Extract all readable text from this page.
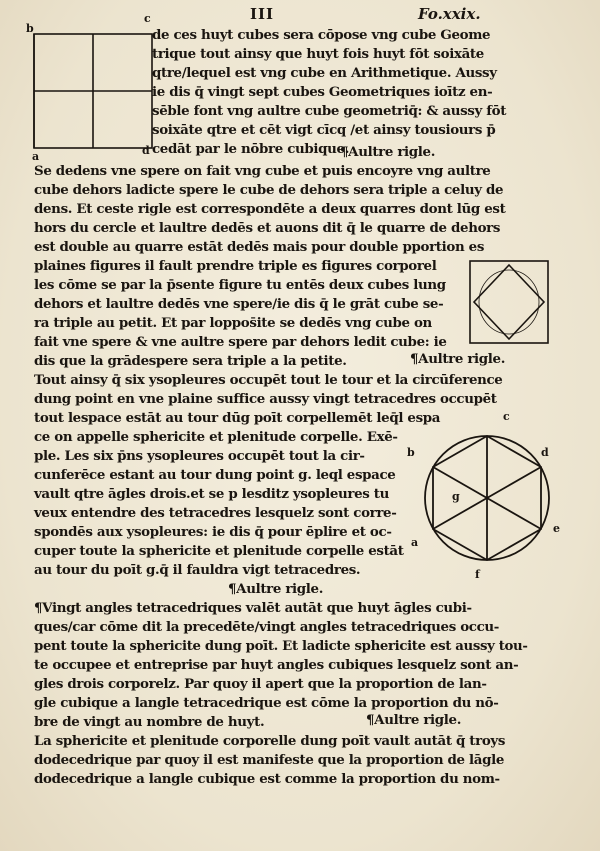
III	Fo.xxix.
b
c
a	d
c
d
b
g
e
a
f
de ces huyt cubes sera cōpose vng cube Geome
trique tout ainsy que huyt fois huyt fōt soixāte
qtre/lequel est vng cube en Arithmetique. Aussy
ie dis q̄ vingt sept cubes Geometriques ioītz en-
sēble font vng aultre cube geometriq̄: & aussy fōt
soixāte qtre et cēt vigt cīcq /et ainsy tousiours p̄
cedāt par le nōbre cubique.
¶Aultre rigle.
Se dedens vne spere on fait vng cube et puis encoyre vng aultre
cube dehors ladicte spere le cube de dehors sera triple a celuy de
dens. Et ceste rigle est correspondēte a deux quarres dont lūg est
hors du cercle et laultre dedēs et auons dit q̄ le quarre de dehors
est double au quarre estāt dedēs mais pour double pportion es
plaines figures il fault prendre triple es figures corporel
les cōme se par la p̄sente figure tu entēs deux cubes lung
dehors et laultre dedēs vne spere/ie dis q̄ le grāt cube se-
ra triple au petit. Et par loppos̄ite se dedēs vng cube on
fait vne spere & vne aultre spere par dehors ledit cube: ie
dis que la grādespere sera triple a la petite.	¶Aultre rigle.
Tout ainsy q̄ six ysopleures occupēt tout le tour et la circūference
dung point en vne plaine suffice aussy vingt tetracedres occupēt
tout lespace estāt au tour dūg poīt corpellemēt leq̄l espa
ce on appelle sphericite et plenitude corpelle. Exē-
ple. Les six p̄ns ysopleures occupēt tout la cir-
cunferēce estant au tour dung point g. leql espace
vault qtre āgles drois.et se p lesditz ysopleures tu
veux entendre des tetracedres lesquelz sont corre-
spondēs aux ysopleures: ie dis q̄ pour ēplire et oc-
cuper toute la sphericite et plenitude corpelle estāt
au tour du poīt g.q̄ il fauldra vigt tetracedres.
¶Aultre rigle.
¶Vingt angles tetracedriques valēt autāt que huyt āgles cubi-
ques/car cōme dit la precedēte/vingt angles tetracedriques occu-
pent toute la sphericite dung poīt. Et ladicte sphericite est aussy tou-
te occupee et entreprise par huyt angles cubiques lesquelz sont an-
gles drois corporelz. Par quoy il apert que la proportion de lan-
gle cubique a langle tetracedrique est cōme la proportion du nō-
bre de vingt au nombre de huyt.	¶Aultre rigle.
La sphericite et plenitude corporelle dung poīt vault autāt q̄ troys
dodecedrique par quoy il est manifeste que la proportion de lāgle
dodecedrique a langle cubique est comme la proportion du nom-
